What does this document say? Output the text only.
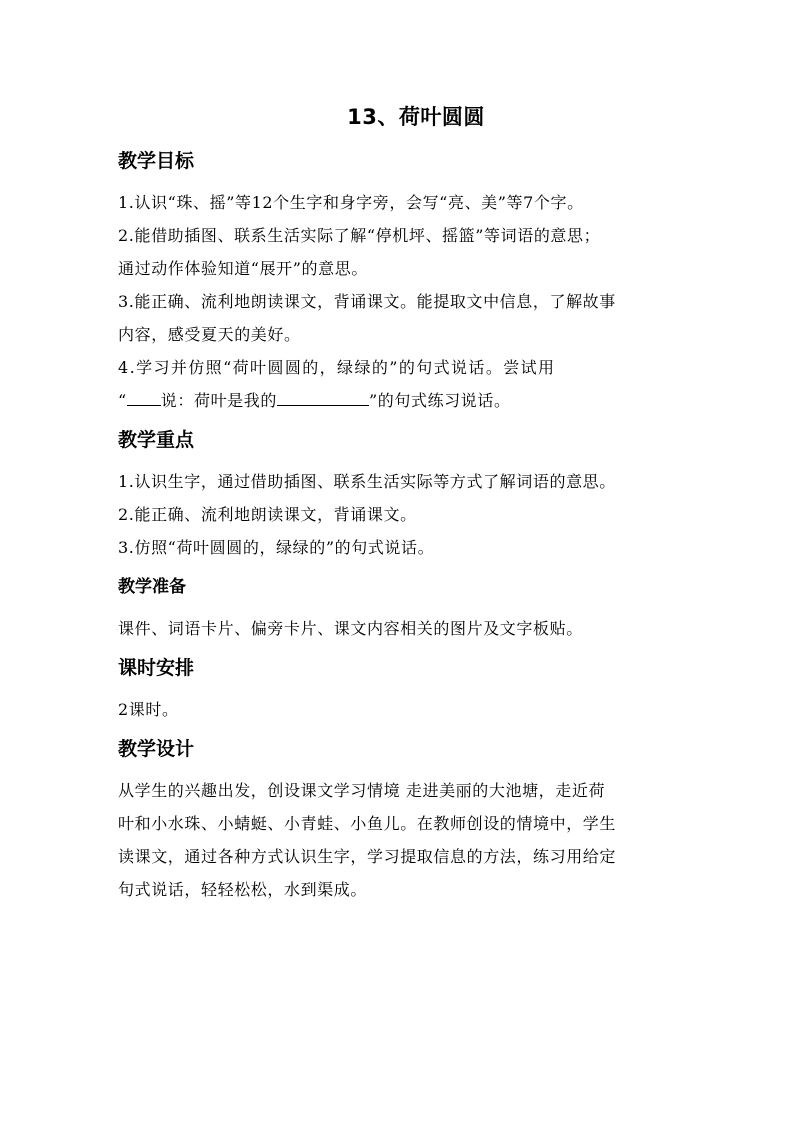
13、荷叶圆圆
教学目标

1.认识“珠、摇”等12个生字和身字旁，会写“亮、美”等7个字。

2.能借助插图、联系生活实际了解“停机坪、摇篮”等词语的意思；

通过动作体验知道“展开”的意思。

3.能正确、流利地朗读课文，背诵课文。能提取文中信息，了解故事

内容，感受夏天的美好。

4.学习并仿照“荷叶圆圆的，绿绿的”的句式说话。尝试用

“ 说：荷叶是我的	”的句式练习说话。

教学重点

1.认识生字，通过借助插图、联系生活实际等方式了解词语的意思。

2.能正确、流利地朗读课文，背诵课文。

3.仿照“荷叶圆圆的，绿绿的”的句式说话。

教学准备

课件、词语卡片、偏旁卡片、课文内容相关的图片及文字板贴。

课时安排

2课时。

教学设计

从学生的兴趣出发，创设课文学习情境 走进美丽的大池塘，走近荷

叶和小水珠、小蜻蜓、小青蛙、小鱼儿。在教师创设的情境中，学生

读课文，通过各种方式认识生字，学习提取信息的方法，练习用给定

句式说话，轻轻松松，水到渠成。
